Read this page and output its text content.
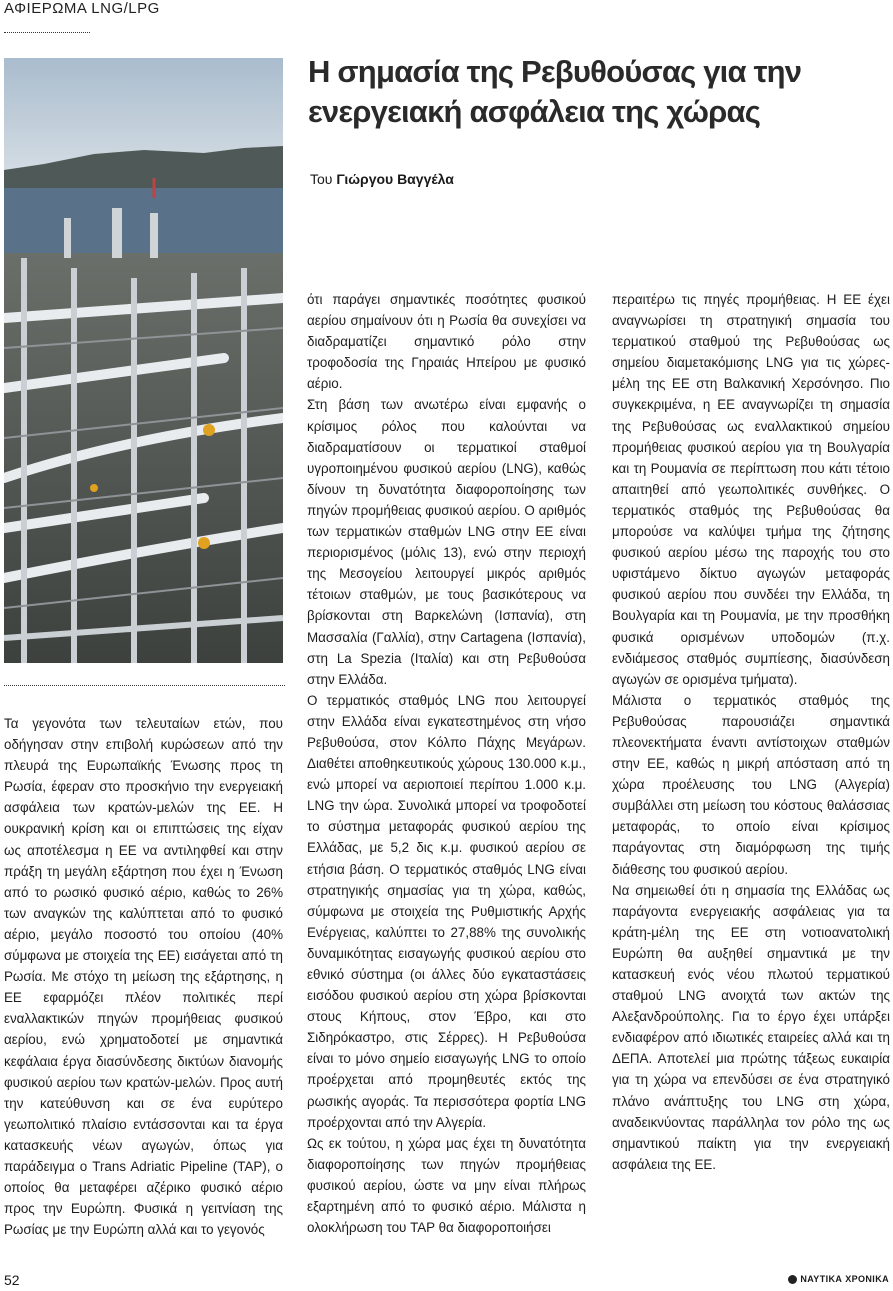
ΑΦΙΕΡΩΜΑ LNG/LPG
Η σημασία της Ρεβυθούσας για την ενεργειακή ασφάλεια της χώρας
Του Γιώργου Βαγγέλα

Τα γεγονότα των τελευταίων ετών, που οδήγησαν στην επιβολή κυρώσεων από την πλευρά της Ευρωπαϊκής Ένωσης προς τη Ρωσία, έφεραν στο προσκήνιο την ενεργειακή ασφάλεια των κρατών-μελών της ΕΕ. Η ουκρανική κρίση και οι επιπτώσεις της είχαν ως αποτέλεσμα η ΕΕ να αντιληφθεί και στην πράξη τη μεγάλη εξάρτηση που έχει η Ένωση από το ρωσικό φυσικό αέριο, καθώς το 26% των αναγκών της καλύπτεται από το φυσικό αέριο, μεγάλο ποσοστό του οποίου (40% σύμφωνα με στοιχεία της ΕΕ) εισάγεται από τη Ρωσία. Με στόχο τη μείωση της εξάρτησης, η ΕΕ εφαρμόζει πλέον πολιτικές περί εναλλακτικών πηγών προμήθειας φυσικού αερίου, ενώ χρηματοδοτεί με σημαντικά κεφάλαια έργα διασύνδεσης δικτύων διανομής φυσικού αερίου των κρατών-μελών. Προς αυτή την κατεύθυνση και σε ένα ευρύτερο γεωπολιτικό πλαίσιο εντάσσονται και τα έργα κατασκευής νέων αγωγών, όπως για παράδειγμα ο Trans Adriatic Pipeline (TAP), ο οποίος θα μεταφέρει αζέρικο φυσικό αέριο προς την Ευρώπη. Φυσικά η γειτνίαση της Ρωσίας με την Ευρώπη αλλά και το γεγονός

ότι παράγει σημαντικές ποσότητες φυσικού αερίου σημαίνουν ότι η Ρωσία θα συνεχίσει να διαδραματίζει σημαντικό ρόλο στην τροφοδοσία της Γηραιάς Ηπείρου με φυσικό αέριο.

Στη βάση των ανωτέρω είναι εμφανής ο κρίσιμος ρόλος που καλούνται να διαδραματίσουν οι τερματικοί σταθμοί υγροποιημένου φυσικού αερίου (LNG), καθώς δίνουν τη δυνατότητα διαφοροποίησης των πηγών προμήθειας φυσικού αερίου. Ο αριθμός των τερματικών σταθμών LNG στην ΕΕ είναι περιορισμένος (μόλις 13), ενώ στην περιοχή της Μεσογείου λειτουργεί μικρός αριθμός τέτοιων σταθμών, με τους βασικότερους να βρίσκονται στη Βαρκελώνη (Ισπανία), στη Μασσαλία (Γαλλία), στην Cartagena (Ισπανία), στη La Spezia (Ιταλία) και στη Ρεβυθούσα στην Ελλάδα.

Ο τερματικός σταθμός LNG που λειτουργεί στην Ελλάδα είναι εγκατεστημένος στη νήσο Ρεβυθούσα, στον Κόλπο Πάχης Μεγάρων. Διαθέτει αποθηκευτικούς χώρους 130.000 κ.μ., ενώ μπορεί να αεριοποιεί περίπου 1.000 κ.μ. LNG την ώρα. Συνολικά μπορεί να τροφοδοτεί το σύστημα μεταφοράς φυσικού αερίου της Ελλάδας, με 5,2 δις κ.μ. φυσικού αερίου σε ετήσια βάση. Ο τερματικός σταθμός LNG είναι στρατηγικής σημασίας για τη χώρα, καθώς, σύμφωνα με στοιχεία της Ρυθμιστικής Αρχής Ενέργειας, καλύπτει το 27,88% της συνολικής δυναμικότητας εισαγωγής φυσικού αερίου στο εθνικό σύστημα (οι άλλες δύο εγκαταστάσεις εισόδου φυσικού αερίου στη χώρα βρίσκονται στους Κήπους, στον Έβρο, και στο Σιδηρόκαστρο, στις Σέρρες). Η Ρεβυθούσα είναι το μόνο σημείο εισαγωγής LNG το οποίο προέρχεται από προμηθευτές εκτός της ρωσικής αγοράς. Τα περισσότερα φορτία LNG προέρχονται από την Αλγερία.

Ως εκ τούτου, η χώρα μας έχει τη δυνατότητα διαφοροποίησης των πηγών προμήθειας φυσικού αερίου, ώστε να μην είναι πλήρως εξαρτημένη από το φυσικό αέριο. Μάλιστα η ολοκλήρωση του TAP θα διαφοροποιήσει

περαιτέρω τις πηγές προμήθειας. Η ΕΕ έχει αναγνωρίσει τη στρατηγική σημασία του τερματικού σταθμού της Ρεβυθούσας ως σημείου διαμετακόμισης LNG για τις χώρες-μέλη της ΕΕ στη Βαλκανική Χερσόνησο. Πιο συγκεκριμένα, η ΕΕ αναγνωρίζει τη σημασία της Ρεβυθούσας ως εναλλακτικού σημείου προμήθειας φυσικού αερίου για τη Βουλγαρία και τη Ρουμανία σε περίπτωση που κάτι τέτοιο απαιτηθεί από γεωπολιτικές συνθήκες. Ο τερματικός σταθμός της Ρεβυθούσας θα μπορούσε να καλύψει τμήμα της ζήτησης φυσικού αερίου μέσω της παροχής του στο υφιστάμενο δίκτυο αγωγών μεταφοράς φυσικού αερίου που συνδέει την Ελλάδα, τη Βουλγαρία και τη Ρουμανία, με την προσθήκη φυσικά ορισμένων υποδομών (π.χ. ενδιάμεσος σταθμός συμπίεσης, διασύνδεση αγωγών σε ορισμένα τμήματα).

Μάλιστα ο τερματικός σταθμός της Ρεβυθούσας παρουσιάζει σημαντικά πλεονεκτήματα έναντι αντίστοιχων σταθμών στην ΕΕ, καθώς η μικρή απόσταση από τη χώρα προέλευσης του LNG (Αλγερία) συμβάλλει στη μείωση του κόστους θαλάσσιας μεταφοράς, το οποίο είναι κρίσιμος παράγοντας στη διαμόρφωση της τιμής διάθεσης του φυσικού αερίου.

Να σημειωθεί ότι η σημασία της Ελλάδας ως παράγοντα ενεργειακής ασφάλειας για τα κράτη-μέλη της ΕΕ στη νοτιοανατολική Ευρώπη θα αυξηθεί σημαντικά με την κατασκευή ενός νέου πλωτού τερματικού σταθμού LNG ανοιχτά των ακτών της Αλεξανδρούπολης. Για το έργο έχει υπάρξει ενδιαφέρον από ιδιωτικές εταιρείες αλλά και τη ΔΕΠΑ. Αποτελεί μια πρώτης τάξεως ευκαιρία για τη χώρα να επενδύσει σε ένα στρατηγικό πλάνο ανάπτυξης του LNG στη χώρα, αναδεικνύοντας παράλληλα τον ρόλο της ως σημαντικού παίκτη για την ενεργειακή ασφάλεια της ΕΕ.

52	ΝΑΥΤΙΚΑ ΧΡΟΝΙΚΑ
